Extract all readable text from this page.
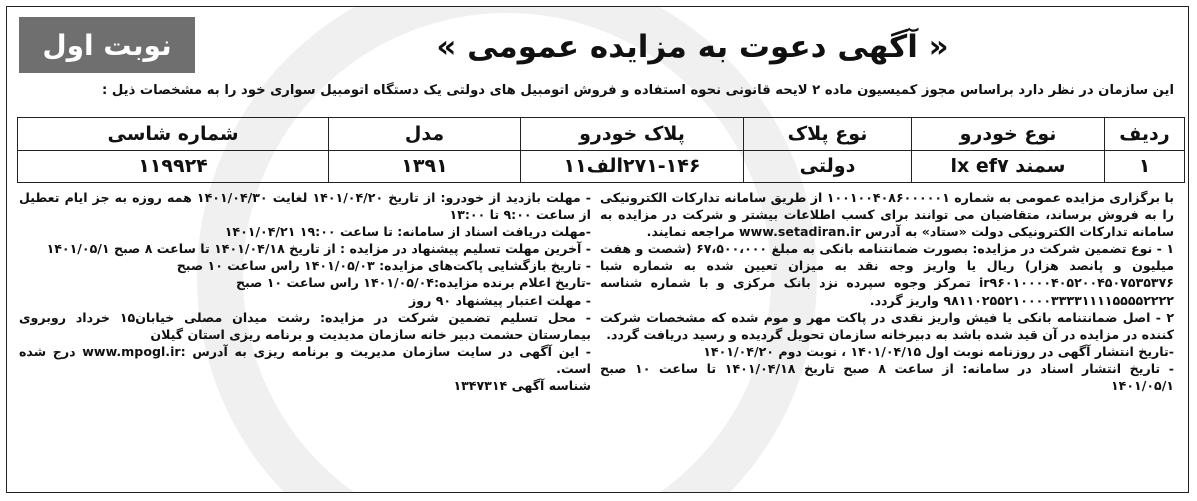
نوبت اول	« آگهی دعوت به مزایده عمومی »
این سازمان در نظر دارد براساس مجوز کمیسیون ماده ۲ لایحه قانونی نحوه استفاده و فروش اتومبیل های دولتی یک دستگاه اتومبیل سواری خود را به مشخصات ذیل :
ردیف	نوع خودرو	نوع پلاک	پلاک خودرو	مدل	شماره شاسی
۱	سمند lx ef۷	دولتی	۲۷۱-۱۴۶الف۱۱	۱۳۹۱	۱۱۹۹۲۴

با برگزاری مزایده عمومی به شماره ۱۰۰۱۰۰۴۰۸۶۰۰۰۰۰۱ از طریق سامانه تدارکات الکترونیکی را به فروش برساند، متقاضیان می توانند برای کسب اطلاعات بیشتر و شرکت در مزایده به سامانه تدارکات الکترونیکی دولت «ستاد» به آدرس www.setadiran.ir مراجعه نمایند.

۱ - نوع تضمین شرکت در مزایده: بصورت ضمانتنامه بانکی به مبلغ ۶۷،۵۰۰،۰۰۰ (شصت و هفت میلیون و پانصد هزار) ریال یا واریز وجه نقد به میزان تعیین شده به شماره شبا ir۹۶۰۱۰۰۰۰۴۰۵۲۰۰۴۵۰۷۵۳۵۳۷۶ تمرکز وجوه سپرده نزد بانک مرکزی و با شماره شناسه ۹۸۱۱۰۲۵۵۲۱۰۰۰۰۳۳۳۳۱۱۱۱۵۵۵۵۲۲۲۲ واریز گردد.

۲ - اصل ضمانتنامه بانکی یا فیش واریز نقدی در پاکت مهر و موم شده که مشخصات شرکت کننده در مزایده در آن قید شده باشد به دبیرخانه سازمان تحویل گردیده و رسید دریافت گردد.

-تاریخ انتشار آگهی در روزنامه نوبت اول ۱۴۰۱/۰۴/۱۵ ، نوبت دوم ۱۴۰۱/۰۴/۲۰

- تاریخ انتشار اسناد در سامانه: از ساعت ۸ صبح تاریخ ۱۴۰۱/۰۴/۱۸ تا ساعت ۱۰ صبح ۱۴۰۱/۰۵/۱

- مهلت بازدید از خودرو: از تاریخ ۱۴۰۱/۰۴/۲۰ لغایت ۱۴۰۱/۰۴/۳۰ همه روزه به جز ایام تعطیل از ساعت ۹:۰۰ تا ۱۳:۰۰

-مهلت دریافت اسناد از سامانه: تا ساعت ۱۹:۰۰ ۱۴۰۱/۰۴/۲۱

- آخرین مهلت تسلیم پیشنهاد در مزایده : از تاریخ ۱۴۰۱/۰۴/۱۸ تا ساعت ۸ صبح ۱۴۰۱/۰۵/۱

- تاریخ بازگشایی پاکت‌های مزایده: ۱۴۰۱/۰۵/۰۳ راس ساعت ۱۰ صبح

-تاریخ اعلام برنده مزایده:۱۴۰۱/۰۵/۰۴ راس ساعت ۱۰ صبح

- مهلت اعتبار پیشنهاد ۹۰ روز

- محل تسلیم تضمین شرکت در مزایده: رشت میدان مصلی خیابان۱۵ خرداد روبروی بیمارستان حشمت دبیر خانه سازمان مدیدیت و برنامه ریزی استان گیلان

- این آگهی در سایت سازمان مدیریت و برنامه ریزی به آدرس :www.mpogl.ir درج شده است.

شناسه آگهی ۱۳۴۷۳۱۴
